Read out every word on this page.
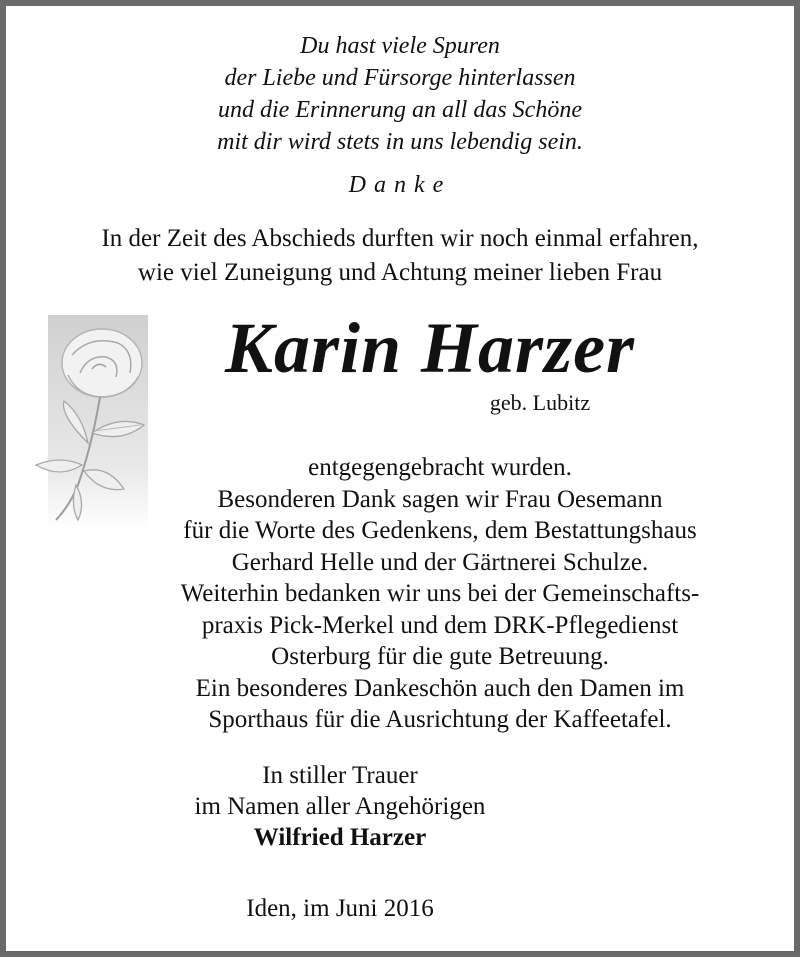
Du hast viele Spuren
der Liebe und Fürsorge hinterlassen
und die Erinnerung an all das Schöne
mit dir wird stets in uns lebendig sein.
Danke
In der Zeit des Abschieds durften wir noch einmal erfahren,
wie viel Zuneigung und Achtung meiner lieben Frau
Karin Harzer
geb. Lubitz
entgegengebracht wurden.
Besonderen Dank sagen wir Frau Oesemann
für die Worte des Gedenkens, dem Bestattungshaus
Gerhard Helle und der Gärtnerei Schulze.
Weiterhin bedanken wir uns bei der Gemeinschafts-
praxis Pick-Merkel und dem DRK-Pflegedienst
Osterburg für die gute Betreuung.
Ein besonderes Dankeschön auch den Damen im
Sporthaus für die Ausrichtung der Kaffeetafel.
In stiller Trauer
im Namen aller Angehörigen
Wilfried Harzer
Iden, im Juni 2016
